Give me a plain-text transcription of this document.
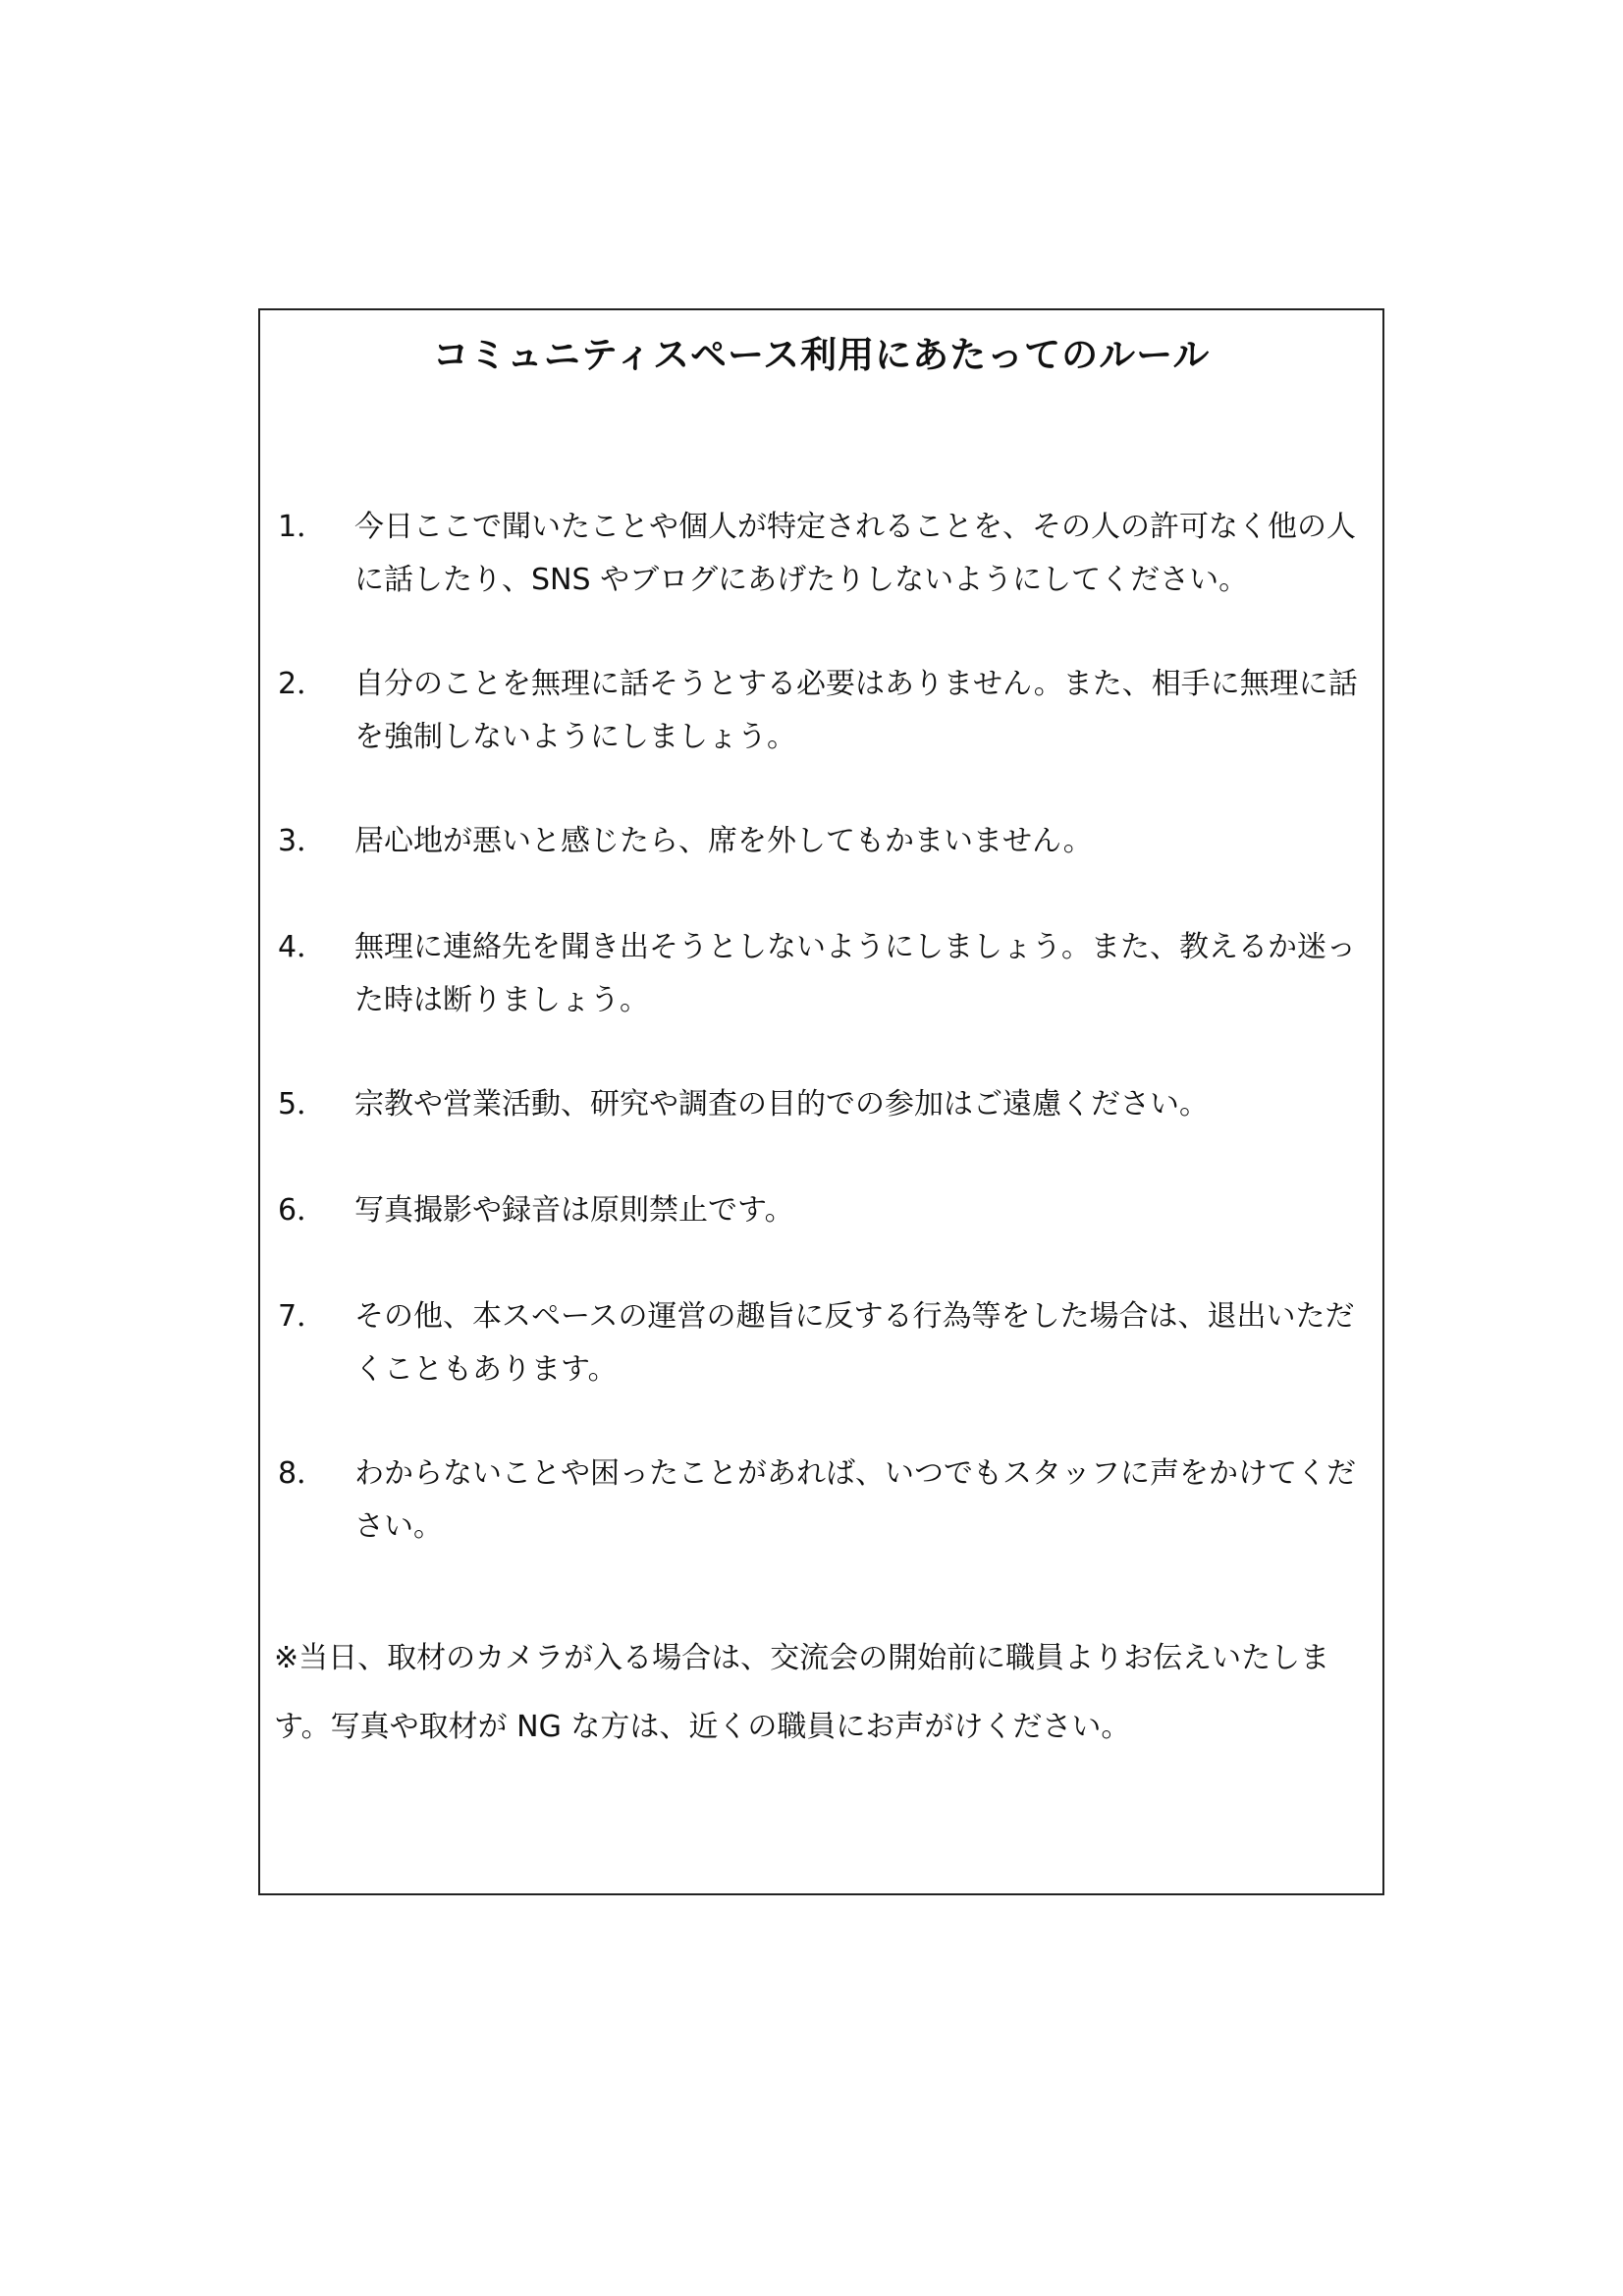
コミュニティスペース利用にあたってのルール
1． 今日ここで聞いたことや個人が特定されることを、その人の許可なく他の人に話したり、SNS やブログにあげたりしないようにしてください。
2． 自分のことを無理に話そうとする必要はありません。また、相手に無理に話を強制しないようにしましょう。
3． 居心地が悪いと感じたら、席を外してもかまいません。
4． 無理に連絡先を聞き出そうとしないようにしましょう。また、教えるか迷った時は断りましょう。
5． 宗教や営業活動、研究や調査の目的での参加はご遠慮ください。
6． 写真撮影や録音は原則禁止です。
7． その他、本スペースの運営の趣旨に反する行為等をした場合は、退出いただくこともあります。
8． わからないことや困ったことがあれば、いつでもスタッフに声をかけてください。
※当日、取材のカメラが入る場合は、交流会の開始前に職員よりお伝えいたします。写真や取材が NG な方は、近くの職員にお声がけください。
